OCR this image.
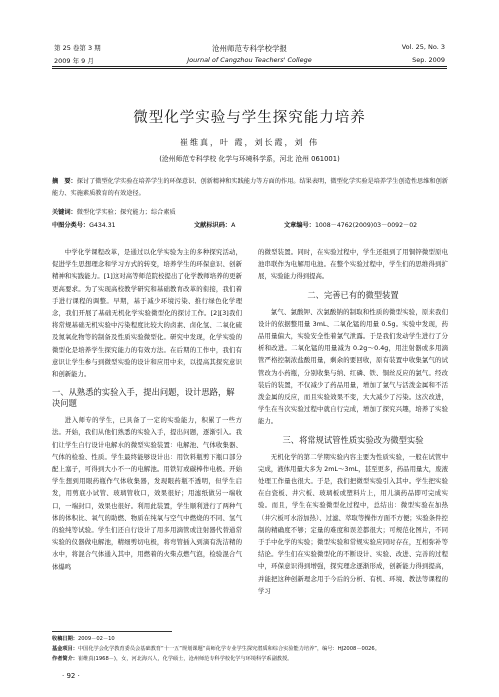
第 25 卷第 3 期	沧州师范专科学校学报	Vol. 25, No. 3
2009 年 9 月	Journal of Cangzhou Teachers' College	Sep. 2009
微型化学实验与学生探究能力培养
崔维真，叶 霞，刘长霞，刘 伟
(沧州师范专科学校 化学与环境科学系，河北 沧州 061001)
摘　要：探讨了微型化学实验在培养学生的环保意识、创新精神和实践能力等方面的作用。结果表明，微型化学实验是培养学生创造性思维和创新能力、实施素质教育的有效途径。
关键词：微型化学实验；探究能力；综合素质
中图分类号：G434.31	文献标识码：A	文章编号：1008－4762(2009)03－0092－02

中学化学课程改革，是通过以化学实验为主的多种探究活动，促进学生思想理念和学习方式的转变，培养学生的环保意识、创新精神和实践能力。[1]这对高等师范院校提出了化学教师培养的更新更高要求。为了实现高校教学研究和基础教育改革的衔接，我们着手进行课程的调整。早期，基于减少环境污染、推行绿色化学理念，我们开展了基础无机化学实验微型化的探讨工作。[2][3]我们将常规基础无机实验中污染程度比较大的卤素、卤化氢、二氧化硫及氮氧化物等的制备及性质实验微型化。研究中发现，化学实验的微型化是培养学生探究能力的有效方法。在后期的工作中，我们有意识让学生参与到微型实验的设计和应用中来，以提高其探究意识和创新能力。

一、从熟悉的实验入手，提出问题，设计思路，解决问题

进入师专的学生，已具备了一定的实验能力，积累了一些方法。开始，我们从他们熟悉的实验入手，提出问题，逐渐引入。我们让学生自行设计电解水的微型实验装置：电解池、气体收集器、气体的检验、性质。学生最终能够设计出：用饮料瓶剪下瓶口部分配上塞子，可得到大小不一的电解池。用铁钉或碳棒作电极。开始学生想到用眼药瓶作气体收集器，发现眼药瓶不透明，但学生启发，用剪底小试管、玻璃管收口，效果很好；用滤纸做另一端收口，一端封口，效果也很好。利用此装置，学生顺利进行了两种气体的体积比、氧气的助燃、物质在纯氧与空气中燃烧的不同、氢气的验纯等试验。学生们还自行设计了用多用滴管或注射器代替通常实验的仪器做电解池，精细剪切电极，将弯管插入到滴有洗洁精的水中，将混合气体通入其中，用燃着的火柴点燃气泡，检验混合气体爆鸣

的微型装置。同时，在实验过程中，学生还组到了用铜锌微型原电池串联作为电解用电池。在整个实验过程中，学生们的思维得到扩展，实验能力得到提高。

二、完善已有的微型装置

氯气、氯酸钾、次氯酸钠的制取和性质的微型实验，原来我们设计的依据整用量 3mL、二氧化锰的用量 0.5g。实验中发现，药品用量偏大，实验安全性着氯气泄露。于是我们发动学生进行了分析和改进。二氧化锰的用量减为 0.2g～0.4g，用注射器或多用滴管严格控制浓盐酸用量，剩余的要回收，原有装置中收集氯气的试管改为小药瓶，分别收集与纳、红磷、铁、铜丝反应的氯气。经改装后的装置，不仅减少了药品用量，增加了氯气与活泼金属和不活泼金属的反应，而且实验效果不变，大大减少了污染。这次改进，学生在当次实验过程中就自行完成，增加了探究兴趣，培养了实验能力。

三、将常规试管性质实验改为微型实验

无机化学的第二学期实验内容主要为性质实验，一般在试管中完成，液体用量大多为 2mL～3mL，甚至更多，药品用量大，废液处理工作量也很大。于是，我们把微型实验引入其中。学生把实验在白瓷板、井穴板、玻璃板或塑料片上，用儿滴药品即可完成实验。而且，学生在实验微型化过程中，总结出：微型实验在加热（井穴板可水浴加热）、过滤、萃取等操作方面不方便；实验条件控制的精确度不够；定量的难度和误差都很大；可规范化图片，不同于手中化学的实验；微型实验和常规实验应同时存在，互相弥补等结论。学生们在实验微型化的不断设计、实验、改进、完善的过程中，环保意识得到增强，探究理念逐渐形成，创新能力得到提高，并能把这种创新理念用于今后的分析、有机、环境、教法等课程的学习

收稿日期：2009－02－10
基金项目：中国化学会化学教育委员会基础教育“十一五”规划课题“高师化学专业学生探究潜质和综合实验能力培养”，编号：HJ2008－0026。
作者简介：崔维真(1968－)，女，河北海兴人，化学硕士，沧州师范专科学校化学与环境科学系副教授。
· 92 ·
